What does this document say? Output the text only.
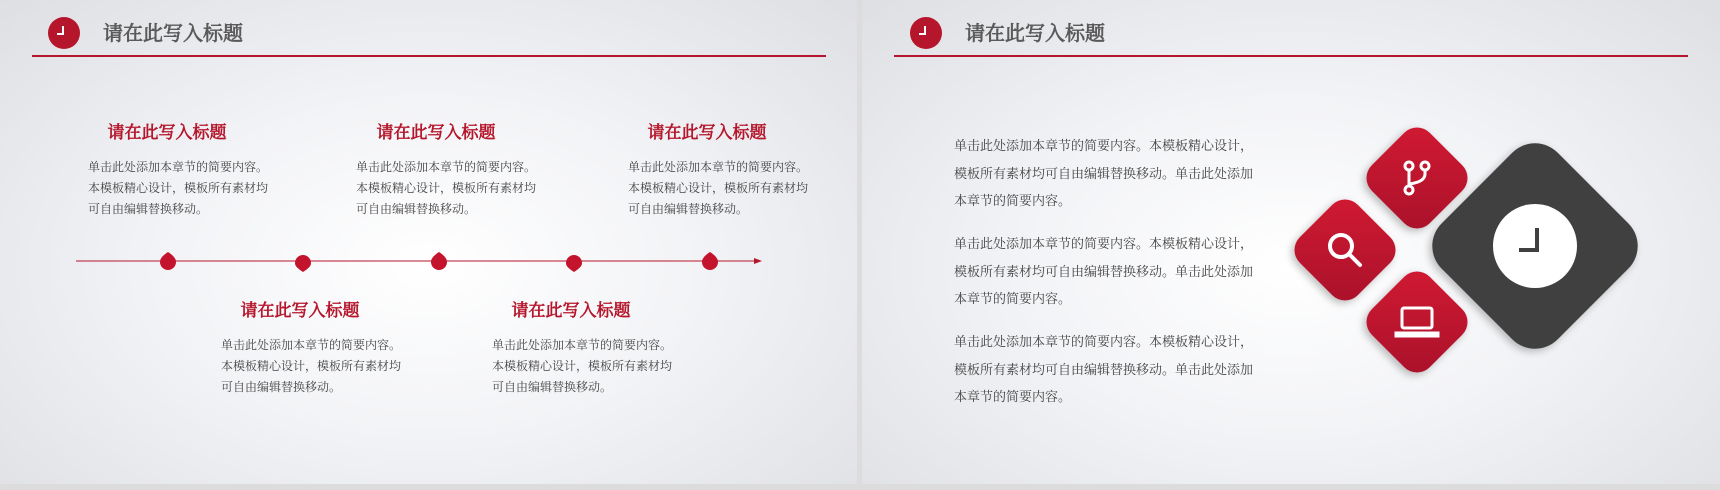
请在此写入标题
请在此写入标题
单击此处添加本章节的简要内容。本模板精心设计，模板所有素材均可自由编辑替换移动。
请在此写入标题
单击此处添加本章节的简要内容。本模板精心设计，模板所有素材均可自由编辑替换移动。
请在此写入标题
单击此处添加本章节的简要内容。本模板精心设计，模板所有素材均可自由编辑替换移动。
请在此写入标题
单击此处添加本章节的简要内容。本模板精心设计，模板所有素材均可自由编辑替换移动。
请在此写入标题
单击此处添加本章节的简要内容。本模板精心设计，模板所有素材均可自由编辑替换移动。
请在此写入标题
单击此处添加本章节的简要内容。本模板精心设计，模板所有素材均可自由编辑替换移动。单击此处添加本章节的简要内容。
单击此处添加本章节的简要内容。本模板精心设计，模板所有素材均可自由编辑替换移动。单击此处添加本章节的简要内容。
单击此处添加本章节的简要内容。本模板精心设计，模板所有素材均可自由编辑替换移动。单击此处添加本章节的简要内容。
